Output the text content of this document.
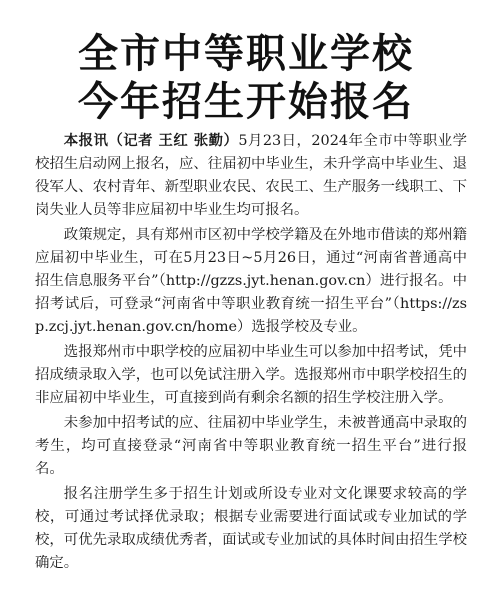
全市中等职业学校
今年招生开始报名

本报讯（记者 王红 张勤）5月23日，2024年全市中等职业学校招生启动网上报名，应、往届初中毕业生，未升学高中毕业生、退役军人、农村青年、新型职业农民、农民工、生产服务一线职工、下岗失业人员等非应届初中毕业生均可报名。

政策规定，具有郑州市区初中学校学籍及在外地市借读的郑州籍应届初中毕业生，可在5月23日~5月26日，通过“河南省普通高中招生信息服务平台”（http://gzzs.jyt.henan.gov.cn）进行报名。中招考试后，可登录“河南省中等职业教育统一招生平台”（https://zsp.zcj.jyt.henan.gov.cn/home）选报学校及专业。

选报郑州市中职学校的应届初中毕业生可以参加中招考试，凭中招成绩录取入学，也可以免试注册入学。选报郑州市中职学校招生的非应届初中毕业生，可直接到尚有剩余名额的招生学校注册入学。

未参加中招考试的应、往届初中毕业学生，未被普通高中录取的考生，均可直接登录“河南省中等职业教育统一招生平台”进行报名。

报名注册学生多于招生计划或所设专业对文化课要求较高的学校，可通过考试择优录取；根据专业需要进行面试或专业加试的学校，可优先录取成绩优秀者，面试或专业加试的具体时间由招生学校确定。
